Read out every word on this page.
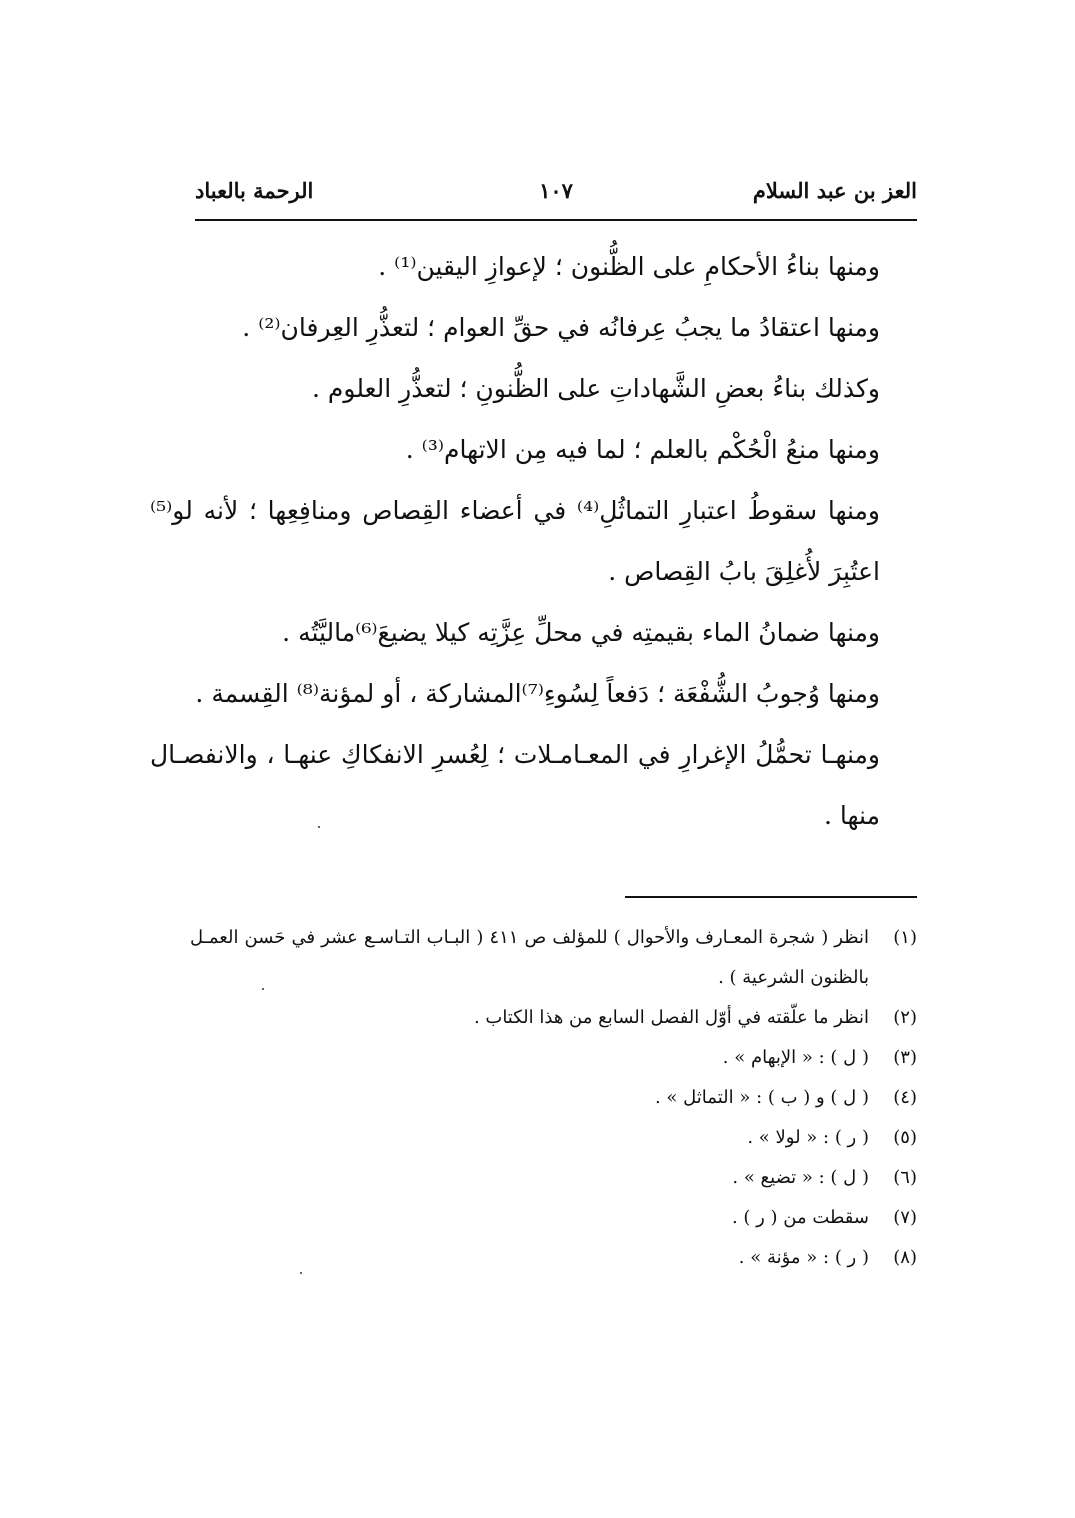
العز بن عبد السلام
١٠٧
الرحمة بالعباد

ومنها بناءُ الأحكامِ على الظُّنون ؛ لإعوازِ اليقين⁽¹⁾ .

ومنها اعتقادُ ما يجبُ عِرفانُه في حقِّ العوام ؛ لتعذُّرِ العِرفان⁽²⁾ .

وكذلك بناءُ بعضِ الشَّهاداتِ على الظُّنونِ ؛ لتعذُّرِ العلوم .

ومنها منعُ الْحُكْم بالعلم ؛ لما فيه مِن الاتهام⁽³⁾ .

ومنها سقوطُ اعتبارِ التماثُلِ⁽⁴⁾ في أعضاء القِصاص ومنافِعِها ؛ لأنه لو⁽⁵⁾اعتُبِرَ لأُغلِقَ بابُ القِصاص .

ومنها ضمانُ الماء بقيمتِه في محلِّ عِزَّتِه كيلا يضيعَ⁽⁶⁾ماليَّتُه .

ومنها وُجوبُ الشُّفْعَة ؛ دَفعاً لِسُوءِ⁽⁷⁾المشاركة ، أو لمؤنة⁽⁸⁾ القِسمة .

ومنهـا تحمُّلُ الإغرارِ في المعـامـلات ؛ لِعُسرِ الانفكاكِ عنهـا ، والانفصـال منها .

(١)
انظر ( شجرة المعـارف والأحوال ) للمؤلف ص ٤١١ ( البـاب التـاسـع عشر في حَسن العمـل بالظنون الشرعية ) .
(٢)
انظر ما علّقته في أوّل الفصل السابع من هذا الكتاب .
(٣)
( ل ) : « الإبهام » .
(٤)
( ل ) و ( ب ) : « التماثل » .
(٥)
( ر ) : « لولا » .
(٦)
( ل ) : « تضيع » .
(٧)
سقطت من ( ر ) .
(٨)
( ر ) : « مؤنة » .
